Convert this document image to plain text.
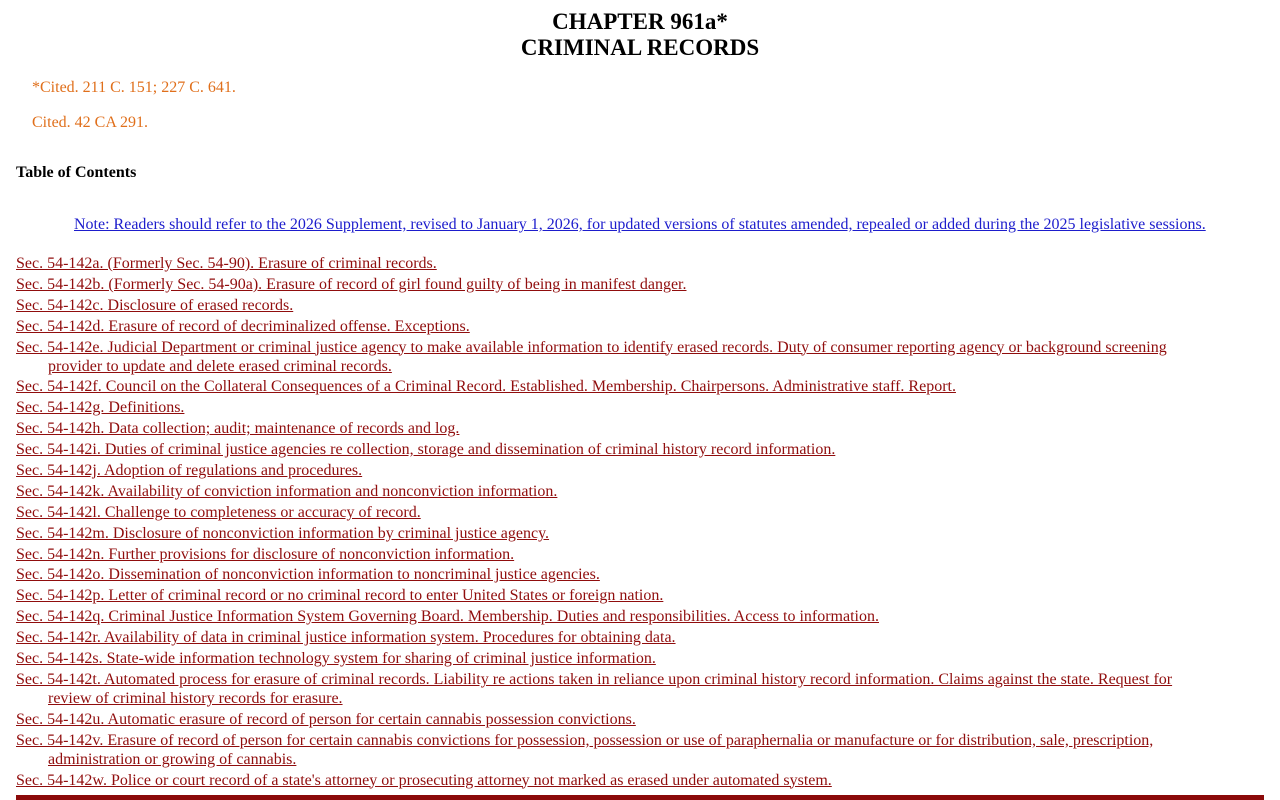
CHAPTER 961a*
CRIMINAL RECORDS

*Cited. 211 C. 151; 227 C. 641.

Cited. 42 CA 291.

Table of Contents
Note: Readers should refer to the 2026 Supplement, revised to January 1, 2026, for updated versions of statutes amended, repealed or added during the 2025 legislative sessions.
Sec. 54-142a. (Formerly Sec. 54-90). Erasure of criminal records.
Sec. 54-142b. (Formerly Sec. 54-90a). Erasure of record of girl found guilty of being in manifest danger.
Sec. 54-142c. Disclosure of erased records.
Sec. 54-142d. Erasure of record of decriminalized offense. Exceptions.
Sec. 54-142e. Judicial Department or criminal justice agency to make available information to identify erased records. Duty of consumer reporting agency or background screening provider to update and delete erased criminal records.
Sec. 54-142f. Council on the Collateral Consequences of a Criminal Record. Established. Membership. Chairpersons. Administrative staff. Report.
Sec. 54-142g. Definitions.
Sec. 54-142h. Data collection; audit; maintenance of records and log.
Sec. 54-142i. Duties of criminal justice agencies re collection, storage and dissemination of criminal history record information.
Sec. 54-142j. Adoption of regulations and procedures.
Sec. 54-142k. Availability of conviction information and nonconviction information.
Sec. 54-142l. Challenge to completeness or accuracy of record.
Sec. 54-142m. Disclosure of nonconviction information by criminal justice agency.
Sec. 54-142n. Further provisions for disclosure of nonconviction information.
Sec. 54-142o. Dissemination of nonconviction information to noncriminal justice agencies.
Sec. 54-142p. Letter of criminal record or no criminal record to enter United States or foreign nation.
Sec. 54-142q. Criminal Justice Information System Governing Board. Membership. Duties and responsibilities. Access to information.
Sec. 54-142r. Availability of data in criminal justice information system. Procedures for obtaining data.
Sec. 54-142s. State-wide information technology system for sharing of criminal justice information.
Sec. 54-142t. Automated process for erasure of criminal records. Liability re actions taken in reliance upon criminal history record information. Claims against the state. Request for review of criminal history records for erasure.
Sec. 54-142u. Automatic erasure of record of person for certain cannabis possession convictions.
Sec. 54-142v. Erasure of record of person for certain cannabis convictions for possession, possession or use of paraphernalia or manufacture or for distribution, sale, prescription, administration or growing of cannabis.
Sec. 54-142w. Police or court record of a state's attorney or prosecuting attorney not marked as erased under automated system.
